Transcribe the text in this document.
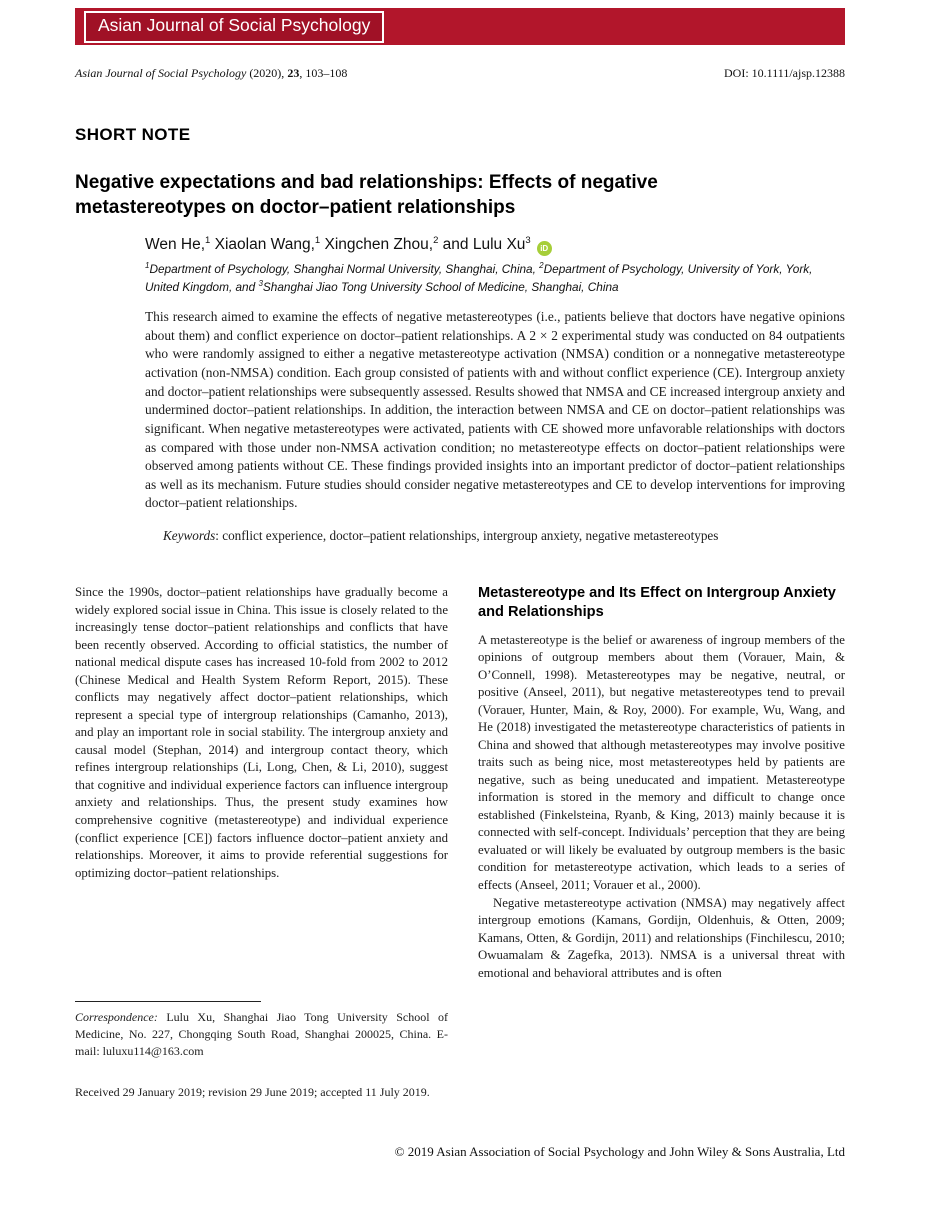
Asian Journal of Social Psychology
Asian Journal of Social Psychology (2020), 23, 103–108	DOI: 10.1111/ajsp.12388
SHORT NOTE
Negative expectations and bad relationships: Effects of negative metastereotypes on doctor–patient relationships
Wen He,$^1$ Xiaolan Wang,$^1$ Xingchen Zhou,$^2$ and Lulu Xu$^3$iD
$^1$Department of Psychology, Shanghai Normal University, Shanghai, China, $^2$Department of Psychology, University of York, York, United Kingdom, and $^3$Shanghai Jiao Tong University School of Medicine, Shanghai, China
This research aimed to examine the effects of negative metastereotypes (i.e., patients believe that doctors have negative opinions about them) and conflict experience on doctor–patient relationships. A 2 × 2 experimental study was conducted on 84 outpatients who were randomly assigned to either a negative metastereotype activation (NMSA) condition or a nonnegative metastereotype activation (non-NMSA) condition. Each group consisted of patients with and without conflict experience (CE). Intergroup anxiety and doctor–patient relationships were subsequently assessed. Results showed that NMSA and CE increased intergroup anxiety and undermined doctor–patient relationships. In addition, the interaction between NMSA and CE on doctor–patient relationships was significant. When negative metastereotypes were activated, patients with CE showed more unfavorable relationships with doctors as compared with those under non-NMSA activation condition; no metastereotype effects on doctor–patient relationships were observed among patients without CE. These findings provided insights into an important predictor of doctor–patient relationships as well as its mechanism. Future studies should consider negative metastereotypes and CE to develop interventions for improving doctor–patient relationships.
Keywords: conflict experience, doctor–patient relationships, intergroup anxiety, negative metastereotypes

Since the 1990s, doctor–patient relationships have gradually become a widely explored social issue in China. This issue is closely related to the increasingly tense doctor–patient relationships and conflicts that have been recently observed. According to official statistics, the number of national medical dispute cases has increased 10-fold from 2002 to 2012 (Chinese Medical and Health System Reform Report, 2015). These conflicts may negatively affect doctor–patient relationships, which represent a special type of intergroup relationships (Camanho, 2013), and play an important role in social stability. The intergroup anxiety and causal model (Stephan, 2014) and intergroup contact theory, which refines intergroup relationships (Li, Long, Chen, & Li, 2010), suggest that cognitive and individual experience factors can influence intergroup anxiety and relationships. Thus, the present study examines how comprehensive cognitive (metastereotype) and individual experience (conflict experience [CE]) factors influence doctor–patient anxiety and relationships. Moreover, it aims to provide referential suggestions for optimizing doctor–patient relationships.

Correspondence: Lulu Xu, Shanghai Jiao Tong University School of Medicine, No. 227, Chongqing South Road, Shanghai 200025, China. E-mail: luluxu114@163.com

Received 29 January 2019; revision 29 June 2019; accepted 11 July 2019.

Metastereotype and Its Effect on Intergroup Anxiety and Relationships

A metastereotype is the belief or awareness of ingroup members of the opinions of outgroup members about them (Vorauer, Main, & O’Connell, 1998). Metastereotypes may be negative, neutral, or positive (Anseel, 2011), but negative metastereotypes tend to prevail (Vorauer, Hunter, Main, & Roy, 2000). For example, Wu, Wang, and He (2018) investigated the metastereotype characteristics of patients in China and showed that although metastereotypes may involve positive traits such as being nice, most metastereotypes held by patients are negative, such as being uneducated and impatient. Metastereotype information is stored in the memory and difficult to change once established (Finkelsteina, Ryanb, & King, 2013) mainly because it is connected with self-concept. Individuals’ perception that they are being evaluated or will likely be evaluated by outgroup members is the basic condition for metastereotype activation, which leads to a series of effects (Anseel, 2011; Vorauer et al., 2000).

Negative metastereotype activation (NMSA) may negatively affect intergroup emotions (Kamans, Gordijn, Oldenhuis, & Otten, 2009; Kamans, Otten, & Gordijn, 2011) and relationships (Finchilescu, 2010; Owuamalam & Zagefka, 2013). NMSA is a universal threat with emotional and behavioral attributes and is often

© 2019 Asian Association of Social Psychology and John Wiley & Sons Australia, Ltd
